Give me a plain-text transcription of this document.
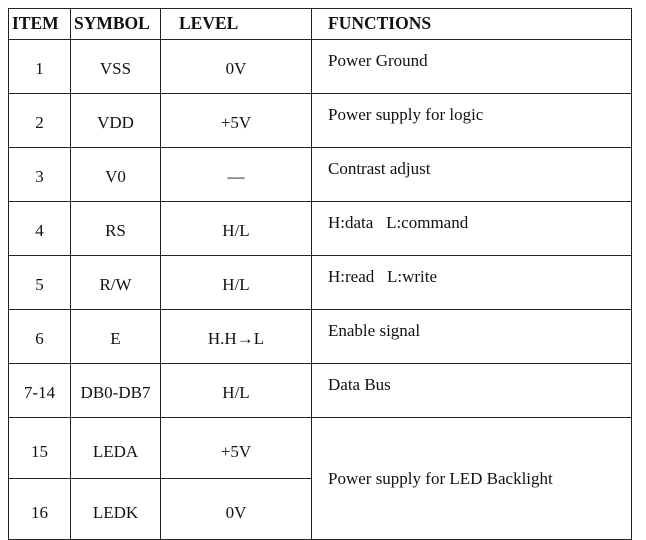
ITEM	SYMBOL	LEVEL	FUNCTIONS
1	VSS	0V	Power Ground
2	VDD	+5V	Power supply for logic
3	V0	—	Contrast adjust
4	RS	H/L	H:data   L:command
5	R/W	H/L	H:read   L:write
6	E	H.H→L	Enable signal
7-14	DB0-DB7	H/L	Data Bus
15	LEDA	+5V	Power supply for LED Backlight
16	LEDK	0V	
